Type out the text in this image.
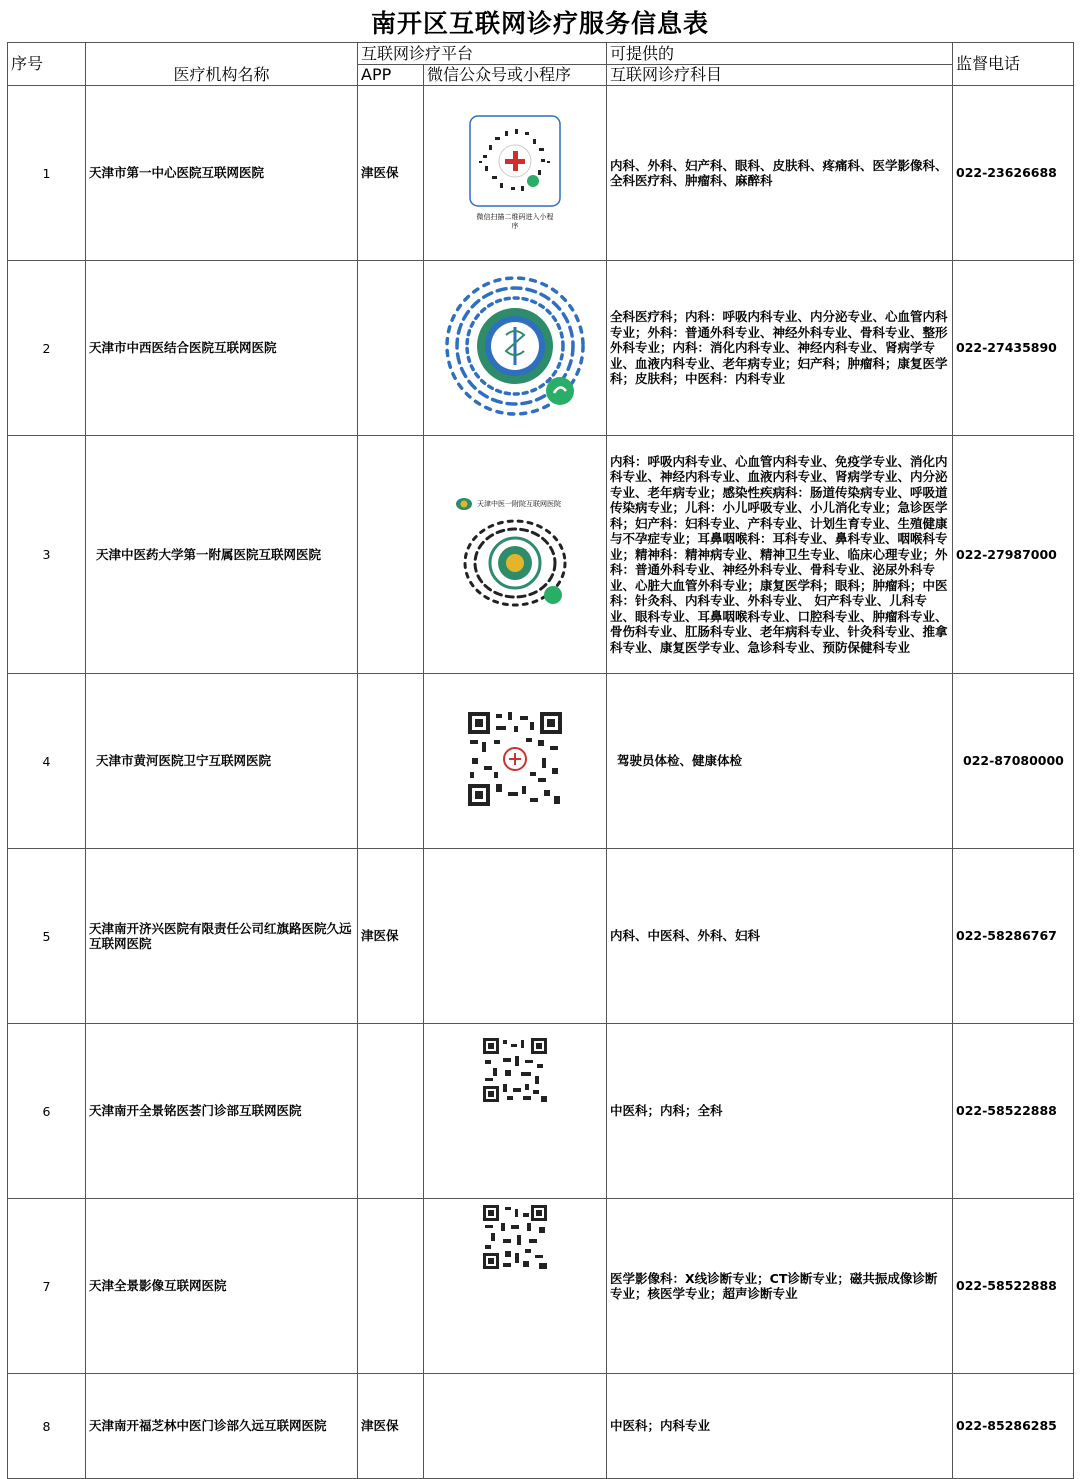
南开区互联网诊疗服务信息表
序号	医疗机构名称	互联网诊疗平台		可提供的	监督电话
		APP	微信公众号或小程序	互联网诊疗科目	
1	天津市第一中心医院互联网医院	津医保	微信扫描二维码进入小程序	内科、外科、妇产科、眼科、皮肤科、疼痛科、医学影像科、全科医疗科、肿瘤科、麻醉科	022-23626688
2	天津市中西医结合医院互联网医院			全科医疗科；内科：呼吸内科专业、内分泌专业、心血管内科专业；外科：普通外科专业、神经外科专业、骨科专业、整形外科专业；内科：消化内科专业、神经内科专业、肾病学专业、血液内科专业、老年病专业；妇产科；肿瘤科；康复医学科；皮肤科；中医科：内科专业	022-27435890
3	天津中医药大学第一附属医院互联网医院		天津中医一附院互联网医院	内科：呼吸内科专业、心血管内科专业、免疫学专业、消化内科专业、神经内科专业、血液内科专业、肾病学专业、内分泌专业、老年病专业；感染性疾病科：肠道传染病专业、呼吸道传染病专业；儿科：小儿呼吸专业、小儿消化专业；急诊医学科；妇产科：妇科专业、产科专业、计划生育专业、生殖健康与不孕症专业；耳鼻咽喉科：耳科专业、鼻科专业、咽喉科专业；精神科：精神病专业、精神卫生专业、临床心理专业；外科：普通外科专业、神经外科专业、骨科专业、泌尿外科专业、心脏大血管外科专业；康复医学科；眼科；肿瘤科；中医科：针灸科、内科专业、外科专业、 妇产科专业、儿科专业、眼科专业、耳鼻咽喉科专业、口腔科专业、肿瘤科专业、骨伤科专业、肛肠科专业、老年病科专业、针灸科专业、推拿科专业、康复医学专业、急诊科专业、预防保健科专业	022-27987000
4	天津市黄河医院卫宁互联网医院			驾驶员体检、健康体检	022-87080000
5	天津南开济兴医院有限责任公司红旗路医院久远互联网医院	津医保		内科、中医科、外科、妇科	022-58286767
6	天津南开全景铭医荟门诊部互联网医院			中医科；内科；全科	022-58522888
7	天津全景影像互联网医院			医学影像科：X线诊断专业；CT诊断专业；磁共振成像诊断专业；核医学专业；超声诊断专业	022-58522888
8	天津南开福芝林中医门诊部久远互联网医院	津医保		中医科；内科专业	022-85286285
